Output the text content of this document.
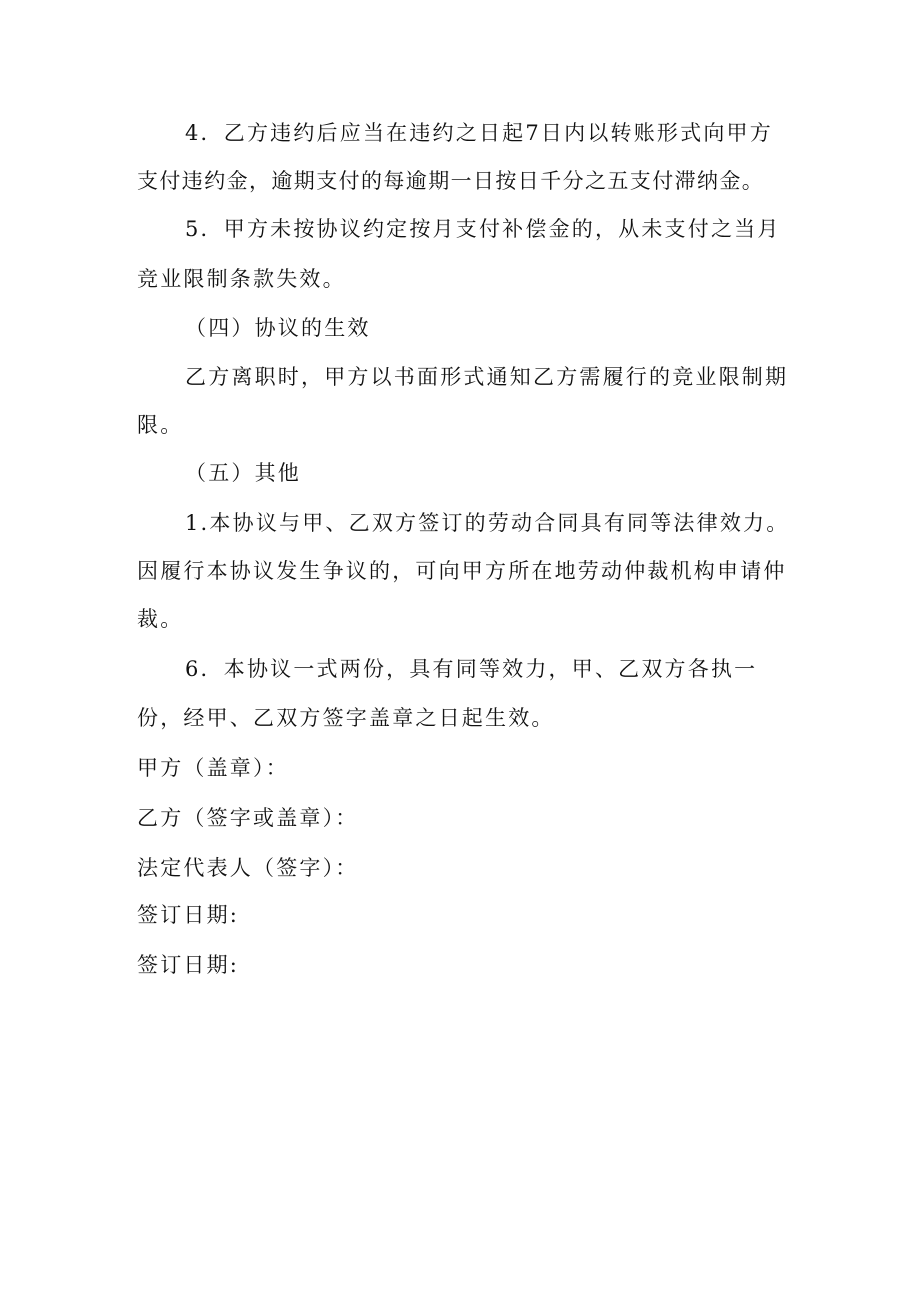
4．乙方违约后应当在违约之日起7日内以转账形式向甲方
支付违约金，逾期支付的每逾期一日按日千分之五支付滞纳金。
5．甲方未按协议约定按月支付补偿金的，从未支付之当月
竞业限制条款失效。
（四）协议的生效
乙方离职时，甲方以书面形式通知乙方需履行的竞业限制期
限。
（五）其他
1.本协议与甲、乙双方签订的劳动合同具有同等法律效力。
因履行本协议发生争议的，可向甲方所在地劳动仲裁机构申请仲
裁。
6．本协议一式两份，具有同等效力，甲、乙双方各执一
份，经甲、乙双方签字盖章之日起生效。
甲方（盖章）：
乙方（签字或盖章）：
法定代表人（签字）：
签订日期:
签订日期:
